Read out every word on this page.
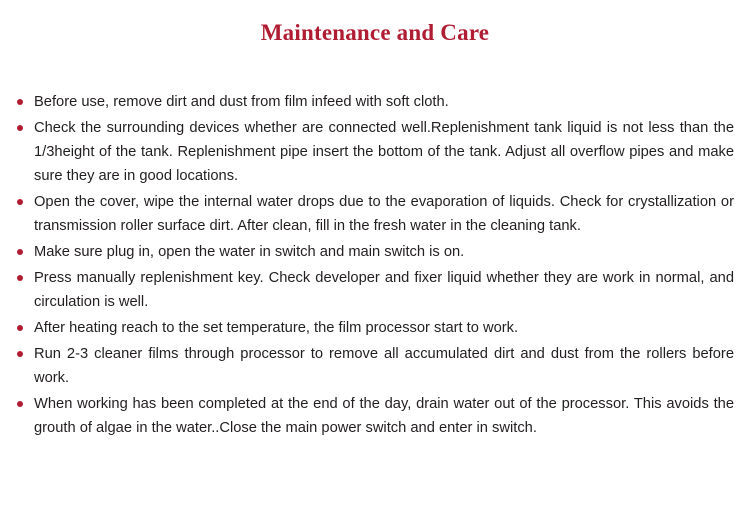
Maintenance and Care
Before use, remove dirt and dust from film infeed with soft cloth.
Check the surrounding devices whether are connected well.Replenishment tank liquid is not less than the 1/3height of the tank. Replenishment pipe insert the bottom of the tank. Adjust all overflow pipes and make sure they are in good locations.
Open the cover, wipe the internal water drops due to the evaporation of liquids. Check for crystallization or transmission roller surface dirt. After clean, fill in the fresh water in the cleaning tank.
Make sure plug in, open the water in switch and main switch is on.
Press manually replenishment key. Check developer and fixer liquid whether they are work in normal, and circulation is well.
After heating reach to the set temperature, the film processor start to work.
Run 2-3 cleaner films through processor to remove all accumulated dirt and dust from the rollers before work.
When working has been completed at the end of the day, drain water out of the processor. This avoids the grouth of algae in the water..Close the main power switch and enter in switch.
